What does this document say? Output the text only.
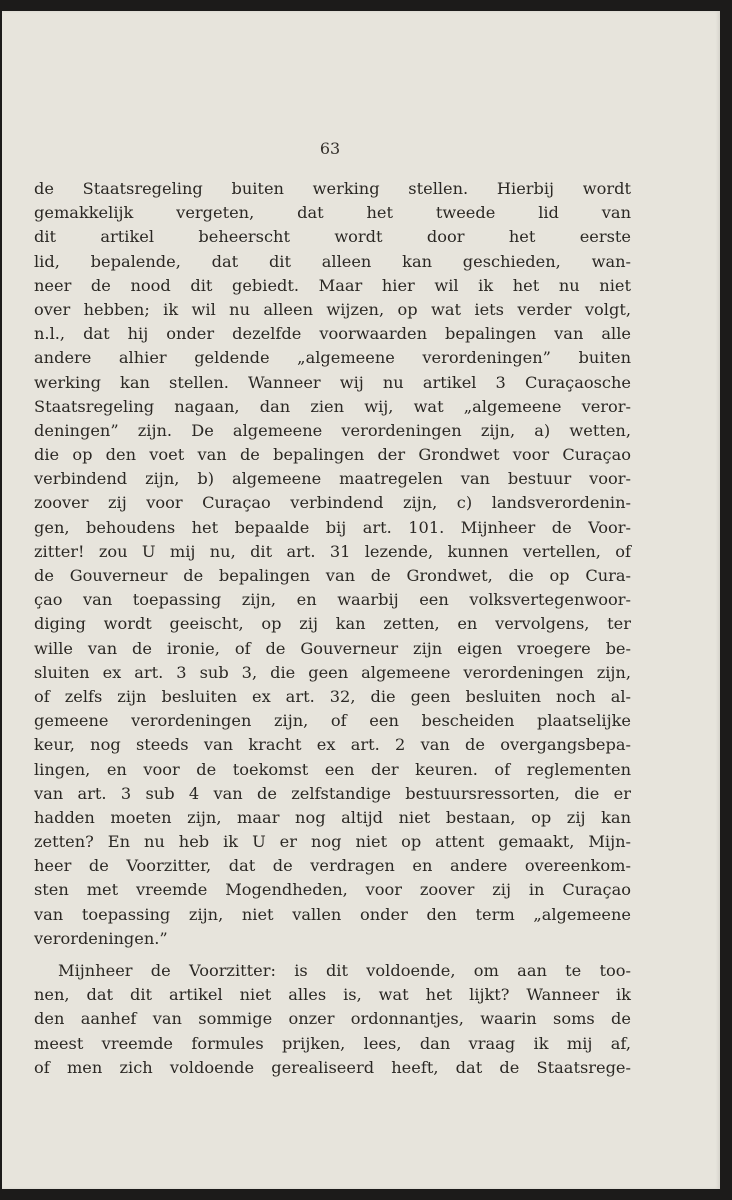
63
de Staatsregeling buiten werking stellen. Hierbij wordt
gemakkelijk vergeten, dat het tweede lid van
dit artikel beheerscht wordt door het eerste
lid, bepalende, dat dit alleen kan geschieden, wan-
neer de nood dit gebiedt. Maar hier wil ik het nu niet
over hebben; ik wil nu alleen wijzen, op wat iets verder volgt,
n.l., dat hij onder dezelfde voorwaarden bepalingen van alle
andere alhier geldende „algemeene verordeningen” buiten
werking kan stellen. Wanneer wij nu artikel 3 Curaçaosche
Staatsregeling nagaan, dan zien wij, wat „algemeene veror-
deningen” zijn. De algemeene verordeningen zijn, a) wetten,
die op den voet van de bepalingen der Grondwet voor Curaçao
verbindend zijn, b) algemeene maatregelen van bestuur voor-
zoover zij voor Curaçao verbindend zijn, c) landsverordenin-
gen, behoudens het bepaalde bij art. 101. Mijnheer de Voor-
zitter! zou U mij nu, dit art. 31 lezende, kunnen vertellen, of
de Gouverneur de bepalingen van de Grondwet, die op Cura-
çao van toepassing zijn, en waarbij een volksvertegenwoor-
diging wordt geeischt, op zij kan zetten, en vervolgens, ter
wille van de ironie, of de Gouverneur zijn eigen vroegere be-
sluiten ex art. 3 sub 3, die geen algemeene verordeningen zijn,
of zelfs zijn besluiten ex art. 32, die geen besluiten noch al-
gemeene verordeningen zijn, of een bescheiden plaatselijke
keur, nog steeds van kracht ex art. 2 van de overgangsbepa-
lingen, en voor de toekomst een der keuren. of reglementen
van art. 3 sub 4 van de zelfstandige bestuursressorten, die er
hadden moeten zijn, maar nog altijd niet bestaan, op zij kan
zetten? En nu heb ik U er nog niet op attent gemaakt, Mijn-
heer de Voorzitter, dat de verdragen en andere overeenkom-
sten met vreemde Mogendheden, voor zoover zij in Curaçao
van toepassing zijn, niet vallen onder den term „algemeene
verordeningen.”
Mijnheer de Voorzitter: is dit voldoende, om aan te too-
nen, dat dit artikel niet alles is, wat het lijkt? Wanneer ik
den aanhef van sommige onzer ordonnantjes, waarin soms de
meest vreemde formules prijken, lees, dan vraag ik mij af,
of men zich voldoende gerealiseerd heeft, dat de Staatsrege-
